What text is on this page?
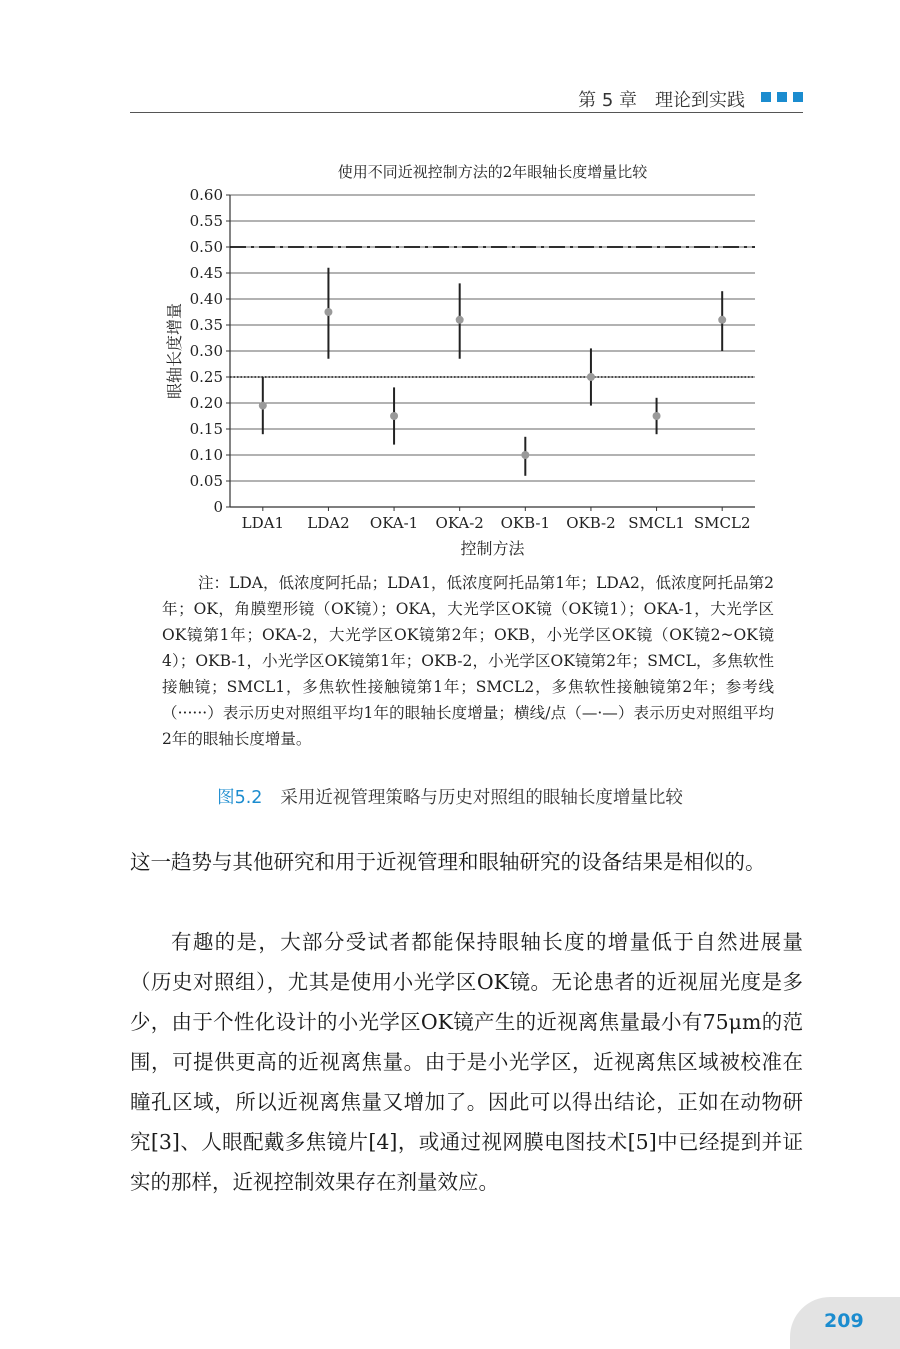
第 5 章　理论到实践
使用不同近视控制方法的2年眼轴长度增量比较
0
0.05
0.10
0.15
0.20
0.25
0.30
0.35
0.40
0.45
0.50
0.55
0.60
LDA1 LDA2 OKA-1 OKA-2 OKB-1 OKB-2 SMCL1 SMCL2
控制方法
眼轴长度增量
注：LDA，低浓度阿托品；LDA1，低浓度阿托品第1年；LDA2，低浓度阿托品第2年；OK，角膜塑形镜（OK镜）；OKA，大光学区OK镜（OK镜1）；OKA-1，大光学区OK镜第1年；OKA-2，大光学区OK镜第2年；OKB，小光学区OK镜（OK镜2~OK镜4）；OKB-1，小光学区OK镜第1年；OKB-2，小光学区OK镜第2年；SMCL，多焦软性接触镜；SMCL1，多焦软性接触镜第1年；SMCL2，多焦软性接触镜第2年；参考线（······）表示历史对照组平均1年的眼轴长度增量；横线/点（—·—）表示历史对照组平均2年的眼轴长度增量。
图5.2 采用近视管理策略与历史对照组的眼轴长度增量比较
这一趋势与其他研究和用于近视管理和眼轴研究的设备结果是相似的。
有趣的是，大部分受试者都能保持眼轴长度的增量低于自然进展量（历史对照组），尤其是使用小光学区OK镜。无论患者的近视屈光度是多少，由于个性化设计的小光学区OK镜产生的近视离焦量最小有75μm的范围，可提供更高的近视离焦量。由于是小光学区，近视离焦区域被校准在瞳孔区域，所以近视离焦量又增加了。因此可以得出结论，正如在动物研究[3]、人眼配戴多焦镜片[4]，或通过视网膜电图技术[5]中已经提到并证实的那样，近视控制效果存在剂量效应。
209
